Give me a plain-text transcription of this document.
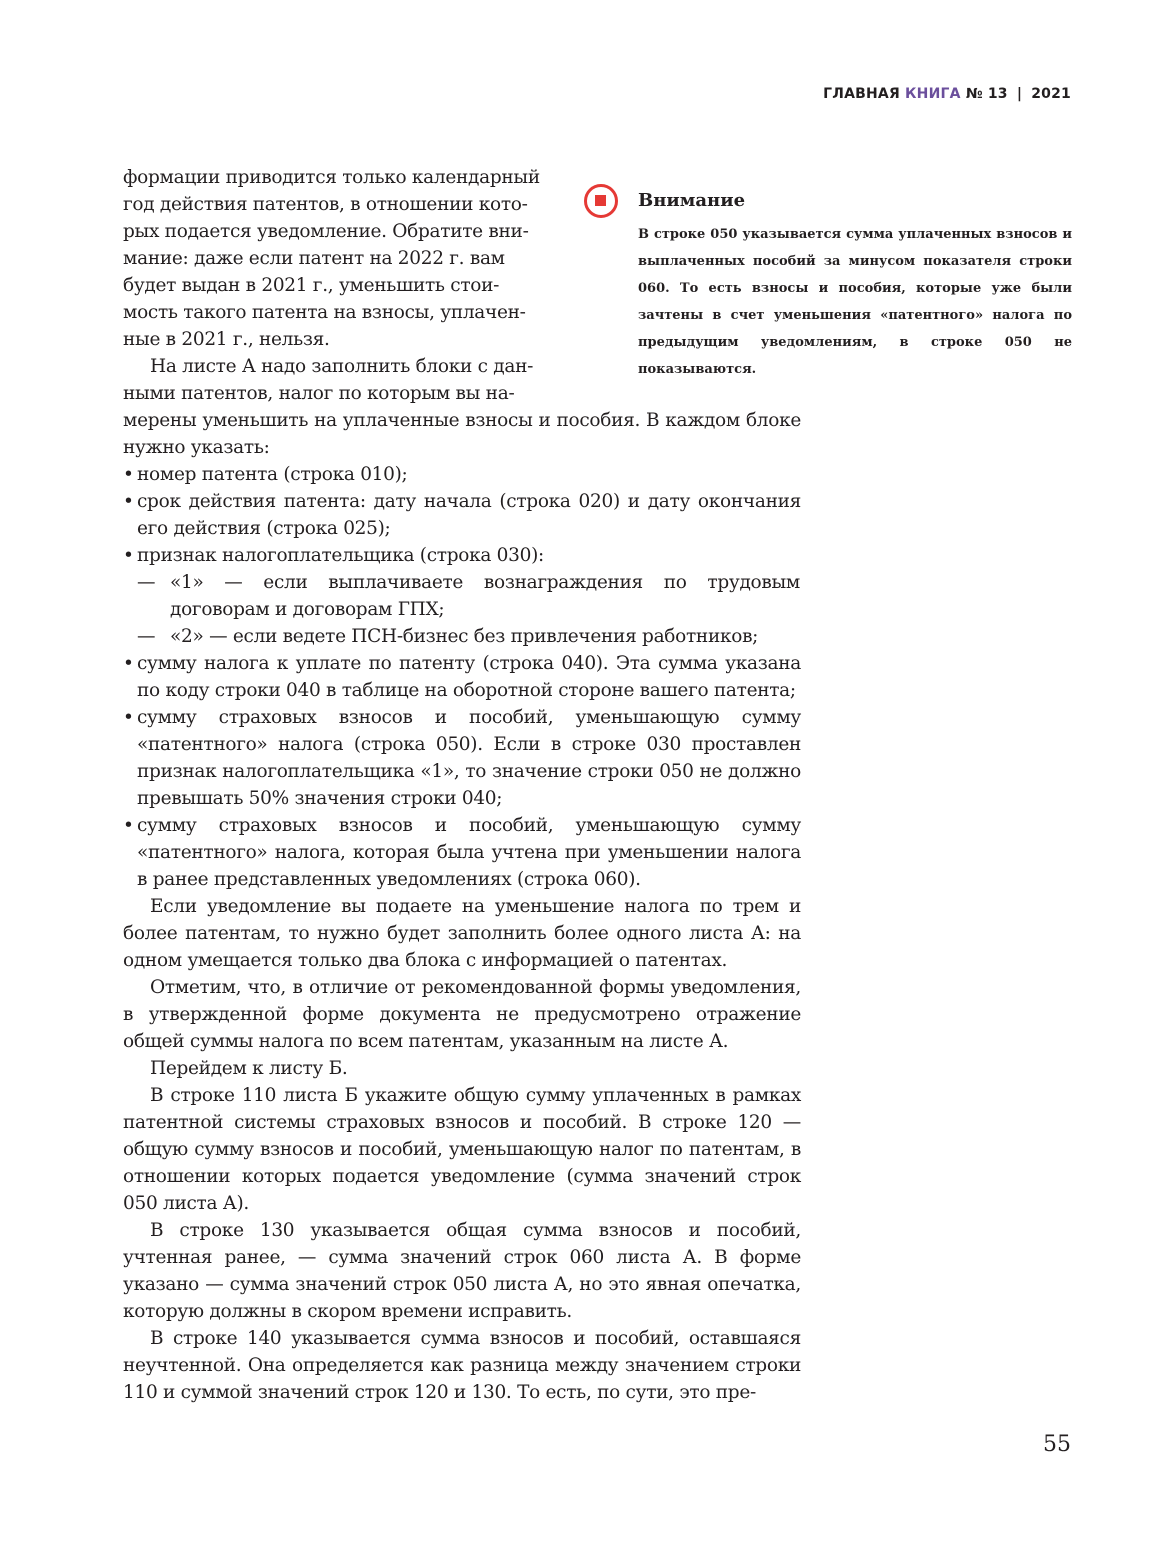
ГЛАВНАЯ КНИГА № 13 | 2021
Внимание
В строке 050 указывается сумма уплаченных взносов и выплаченных пособий за минусом показателя строки 060. То есть взносы и пособия, которые уже были зачтены в счет уменьшения «патентного» налога по предыдущим уведомлениям, в строке 050 не показываются.

формации приводится только календарный
год действия патентов, в отношении кото-
рых подается уведомление. Обратите вни-
мание: даже если патент на 2022 г. вам
будет выдан в 2021 г., уменьшить стои-
мость такого патента на взносы, уплачен-
ные в 2021 г., нельзя.

На листе А надо заполнить блоки с дан-
ными патентов, налог по которым вы на-
мерены уменьшить на уплаченные взносы и пособия. В каждом блоке нужно указать:

• номер патента (строка 010);
• срок действия патента: дату начала (строка 020) и дату окончания его действия (строка 025);
• признак налогоплательщика (строка 030):
— «1» — если выплачиваете вознаграждения по трудовым договорам и договорам ГПХ;
— «2» — если ведете ПСН-бизнес без привлечения работников;
• сумму налога к уплате по патенту (строка 040). Эта сумма указана по коду строки 040 в таблице на оборотной стороне вашего патента;
• сумму страховых взносов и пособий, уменьшающую сумму «патентного» налога (строка 050). Если в строке 030 проставлен признак налогоплательщика «1», то значение строки 050 не должно превышать 50% значения строки 040;
• сумму страховых взносов и пособий, уменьшающую сумму «патентного» налога, которая была учтена при уменьшении налога в ранее представленных уведомлениях (строка 060).

Если уведомление вы подаете на уменьшение налога по трем и более патентам, то нужно будет заполнить более одного листа А: на одном умещается только два блока с информацией о патентах.

Отметим, что, в отличие от рекомендованной формы уведомления, в утвержденной форме документа не предусмотрено отражение общей суммы налога по всем патентам, указанным на листе А.

Перейдем к листу Б.

В строке 110 листа Б укажите общую сумму уплаченных в рамках патентной системы страховых взносов и пособий. В строке 120 — общую сумму взносов и пособий, уменьшающую налог по патентам, в отношении которых подается уведомление (сумма значений строк 050 листа А).

В строке 130 указывается общая сумма взносов и пособий, учтенная ранее, — сумма значений строк 060 листа А. В форме указано — сумма значений строк 050 листа А, но это явная опечатка, которую должны в скором времени исправить.

В строке 140 указывается сумма взносов и пособий, оставшаяся неучтенной. Она определяется как разница между значением строки 110 и суммой значений строк 120 и 130. То есть, по сути, это пре-

55
